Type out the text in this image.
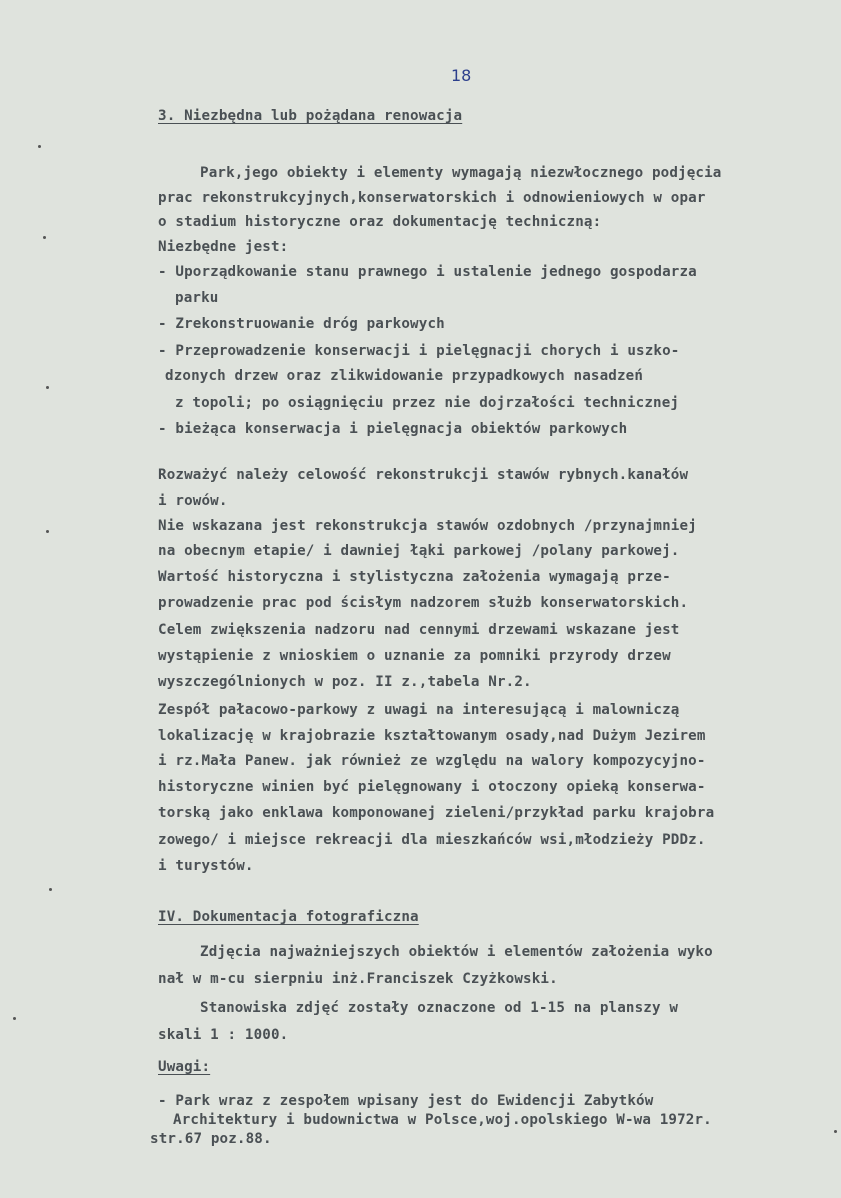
18
3. Niezbędna lub pożądana renowacja
Park,jego obiekty i elementy wymagają niezwłocznego podjęcia
prac rekonstrukcyjnych,konserwatorskich i odnowieniowych w opar
o stadium historyczne oraz dokumentację techniczną:
Niezbędne jest:
- Uporządkowanie stanu prawnego i ustalenie jednego gospodarza
parku
- Zrekonstruowanie dróg parkowych
- Przeprowadzenie konserwacji i pielęgnacji chorych i uszko-
dzonych drzew oraz zlikwidowanie przypadkowych nasadzeń
z topoli; po osiągnięciu przez nie dojrzałości technicznej
- bieżąca konserwacja i pielęgnacja obiektów parkowych
Rozważyć należy celowość rekonstrukcji stawów rybnych.kanałów
i rowów.
Nie wskazana jest rekonstrukcja stawów ozdobnych /przynajmniej
na obecnym etapie/ i dawniej łąki parkowej /polany parkowej.
Wartość historyczna i stylistyczna założenia wymagają prze-
prowadzenie prac pod ścisłym nadzorem służb konserwatorskich.
Celem zwiększenia nadzoru nad cennymi drzewami wskazane jest
wystąpienie z wnioskiem o uznanie za pomniki przyrody drzew
wyszczególnionych w poz. II z.,tabela Nr.2.
Zespół pałacowo-parkowy z uwagi na interesującą i malowniczą
lokalizację w krajobrazie kształtowanym osady,nad Dużym Jezirem
i rz.Mała Panew. jak również ze względu na walory kompozycyjno-
historyczne winien być pielęgnowany i otoczony opieką konserwa-
torską jako enklawa komponowanej zieleni/przykład parku krajobra
zowego/ i miejsce rekreacji dla mieszkańców wsi,młodzieży PDDz.
i turystów.
IV. Dokumentacja fotograficzna
Zdjęcia najważniejszych obiektów i elementów założenia wyko
nał w m-cu sierpniu inż.Franciszek Czyżkowski.
Stanowiska zdjęć zostały oznaczone od 1-15 na planszy w
skali 1 : 1000.
Uwagi:
- Park wraz z zespołem wpisany jest do Ewidencji Zabytków
Architektury i budownictwa w Polsce,woj.opolskiego W-wa 1972r.
str.67 poz.88.
